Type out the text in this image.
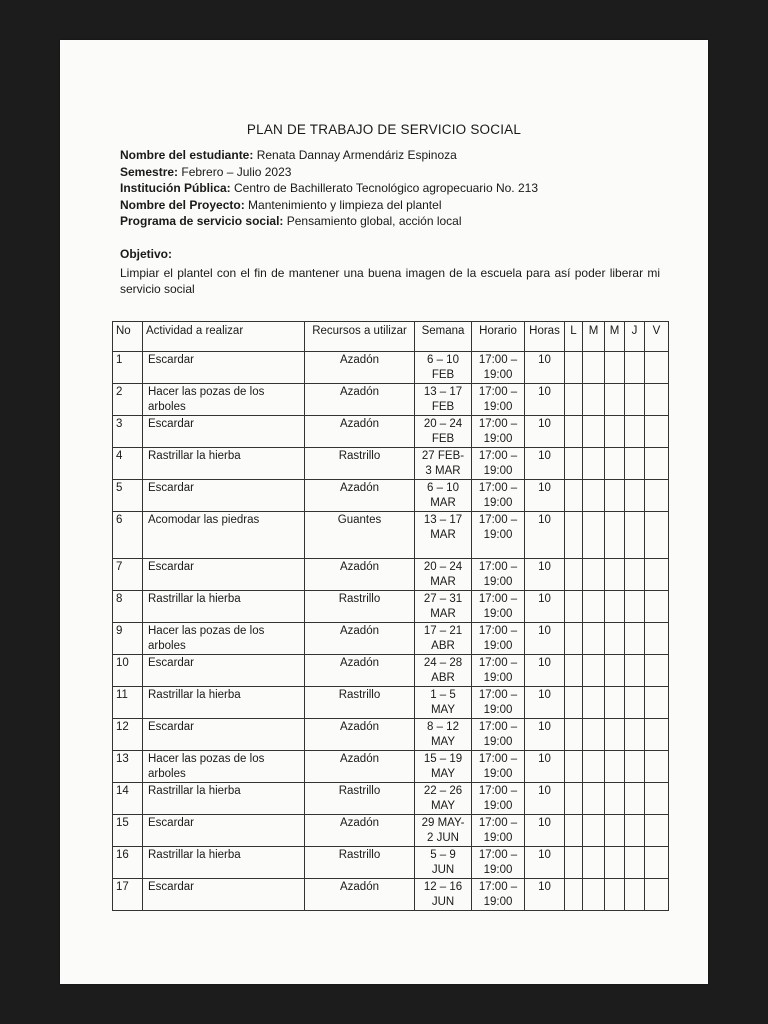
PLAN DE TRABAJO DE SERVICIO SOCIAL
Nombre del estudiante: Renata Dannay Armendáriz Espinoza
Semestre: Febrero – Julio 2023
Institución Pública: Centro de Bachillerato Tecnológico agropecuario No. 213
Nombre del Proyecto: Mantenimiento y limpieza del plantel
Programa de servicio social: Pensamiento global, acción local
Objetivo:
Limpiar el plantel con el fin de mantener una buena imagen de la escuela para así poder liberar mi servicio social
No	Actividad a realizar	Recursos a utilizar	Semana	Horario	Horas	L	M	M	J	V
1	Escardar	Azadón	6 – 10 FEB	17:00 – 19:00	10					
2	Hacer las pozas de los arboles	Azadón	13 – 17 FEB	17:00 – 19:00	10					
3	Escardar	Azadón	20 – 24 FEB	17:00 – 19:00	10					
4	Rastrillar la hierba	Rastrillo	27 FEB- 3 MAR	17:00 – 19:00	10					
5	Escardar	Azadón	6 – 10 MAR	17:00 – 19:00	10					
6	Acomodar las piedras	Guantes	13 – 17 MAR	17:00 – 19:00	10					
7	Escardar	Azadón	20 – 24 MAR	17:00 – 19:00	10					
8	Rastrillar la hierba	Rastrillo	27 – 31 MAR	17:00 – 19:00	10					
9	Hacer las pozas de los arboles	Azadón	17 – 21 ABR	17:00 – 19:00	10					
10	Escardar	Azadón	24 – 28 ABR	17:00 – 19:00	10					
11	Rastrillar la hierba	Rastrillo	1 – 5 MAY	17:00 – 19:00	10					
12	Escardar	Azadón	8 – 12 MAY	17:00 – 19:00	10					
13	Hacer las pozas de los arboles	Azadón	15 – 19 MAY	17:00 – 19:00	10					
14	Rastrillar la hierba	Rastrillo	22 – 26 MAY	17:00 – 19:00	10					
15	Escardar	Azadón	29 MAY- 2 JUN	17:00 – 19:00	10					
16	Rastrillar la hierba	Rastrillo	5 – 9 JUN	17:00 – 19:00	10					
17	Escardar	Azadón	12 – 16 JUN	17:00 – 19:00	10					
